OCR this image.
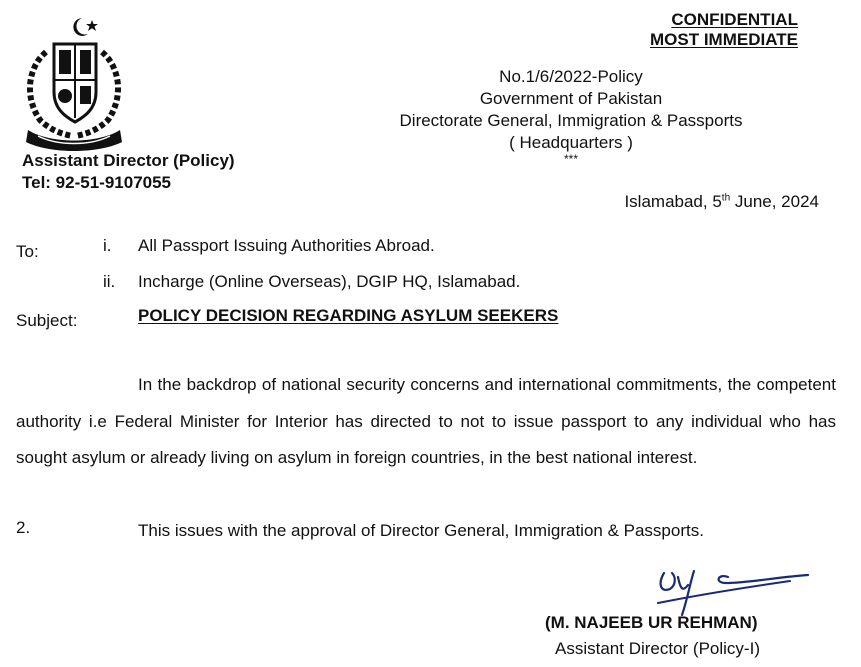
CONFIDENTIAL
MOST IMMEDIATE
Assistant Director (Policy)
Tel: 92-51-9107055
No.1/6/2022-Policy
Government of Pakistan
Directorate General, Immigration & Passports
( Headquarters )
***
Islamabad, 5th June, 2024
To:	i. All Passport Issuing Authorities Abroad.
ii. Incharge (Online Overseas), DGIP HQ, Islamabad.
Subject:	POLICY DECISION REGARDING ASYLUM SEEKERS
In the backdrop of national security concerns and international commitments, the competent authority i.e Federal Minister for Interior has directed to not to issue passport to any individual who has sought asylum or already living on asylum in foreign countries, in the best national interest.
2.	This issues with the approval of Director General, Immigration & Passports.
(M. NAJEEB UR REHMAN)
Assistant Director (Policy-I)
